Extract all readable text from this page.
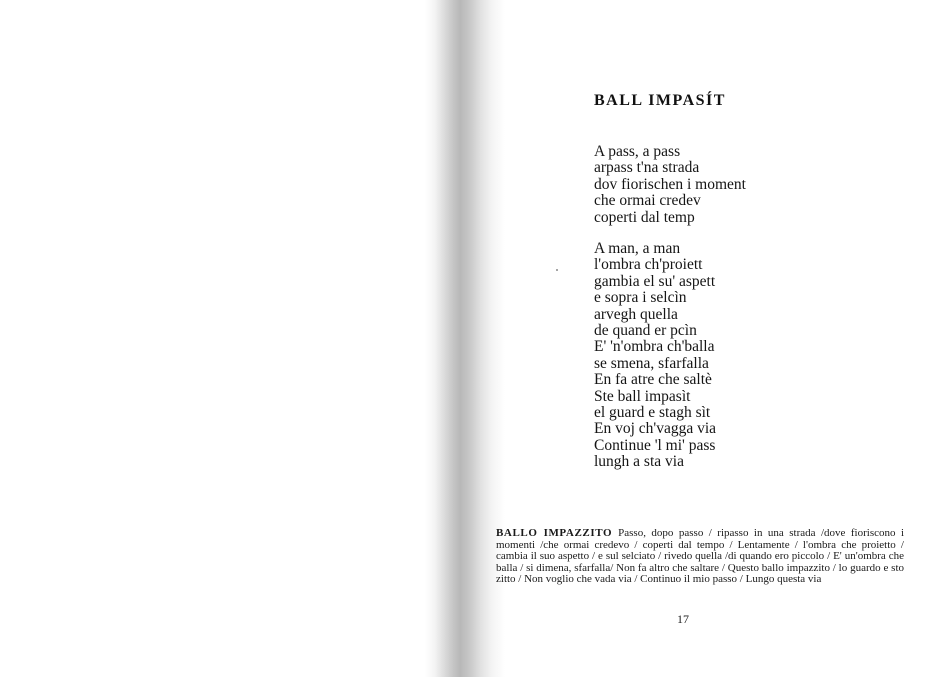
BALL IMPASÍT
A pass, a pass
arpass t'na strada
dov fiorischen i moment
che ormai credev
coperti dal temp
A man, a man
l'ombra ch'proiett
gambia el su' aspett
e sopra i selcìn
arvegh quella
de quand er pcìn
E' 'n'ombra ch'balla
se smena, sfarfalla
En fa atre che saltè
Ste ball impasìt
el guard e stagh sìt
En voj ch'vagga via
Continue 'l mi' pass
lungh a sta via

BALLO IMPAZZITO Passo, dopo passo / ripasso in una strada /dove fioriscono i momenti /che ormai credevo / coperti dal tempo / Lentamente / l'ombra che proietto / cambia il suo aspetto / e sul selciato / rivedo quella /di quando ero piccolo / E' un'ombra che balla / si dimena, sfarfalla/ Non fa altro che saltare / Questo ballo impazzito / lo guardo e sto zitto / Non voglio che vada via / Continuo il mio passo / Lungo questa via

17
